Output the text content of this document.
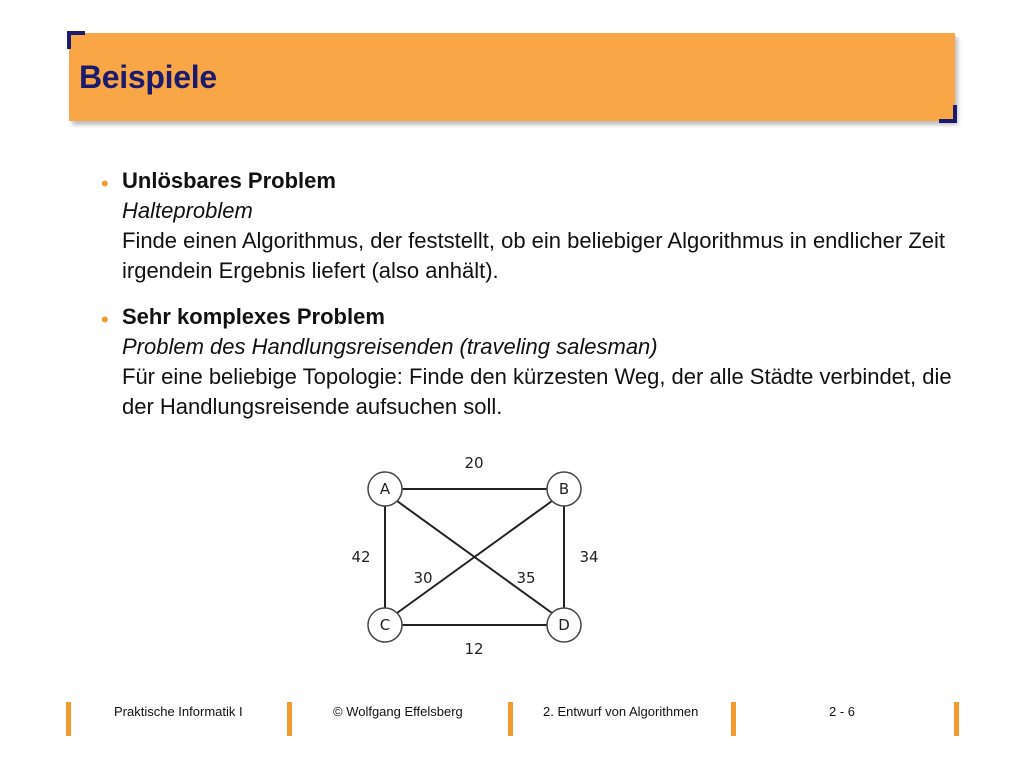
Beispiele
• Unlösbares Problem
Halteproblem
Finde einen Algorithmus, der feststellt, ob ein beliebiger Algorithmus in endlicher Zeit irgendein Ergebnis liefert (also anhält).
• Sehr komplexes Problem
Problem des Handlungsreisenden (traveling salesman)
Für eine beliebige Topologie: Finde den kürzesten Weg, der alle Städte verbindet, die der Handlungsreisende aufsuchen soll.
A	B
C	D
20
42	34
12
30	35
Praktische Informatik I	© Wolfgang Effelsberg	2. Entwurf von Algorithmen	2 - 6
